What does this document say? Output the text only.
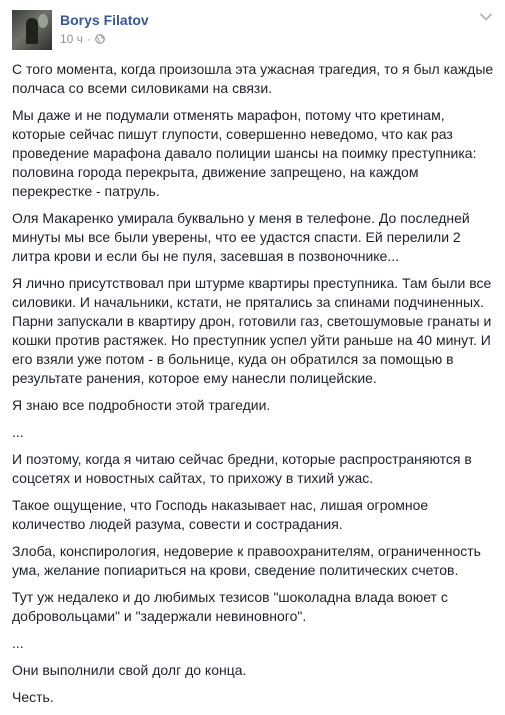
Borys Filatov
10 ч ·

С того момента, когда произошла эта ужасная трагедия, то я был каждые полчаса со всеми силовиками на связи.

Мы даже и не подумали отменять марафон, потому что кретинам, которые сейчас пишут глупости, совершенно неведомо, что как раз проведение марафона давало полиции шансы на поимку преступника: половина города перекрыта, движение запрещено, на каждом перекрестке - патруль.

Оля Макаренко умирала буквально у меня в телефоне. До последней минуты мы все были уверены, что ее удастся спасти. Ей перелили 2 литра крови и если бы не пуля, засевшая в позвоночнике...

Я лично присутствовал при штурме квартиры преступника. Там были все силовики. И начальники, кстати, не прятались за спинами подчиненных. Парни запускали в квартиру дрон, готовили газ, светошумовые гранаты и кошки против растяжек. Но преступник успел уйти раньше на 40 минут. И его взяли уже потом - в больнице, куда он обратился за помощью в результате ранения, которое ему нанесли полицейские.

Я знаю все подробности этой трагедии.

...

И поэтому, когда я читаю сейчас бредни, которые распространяются в соцсетях и новостных сайтах, то прихожу в тихий ужас.

Такое ощущение, что Господь наказывает нас, лишая огромное количество людей разума, совести и сострадания.

Злоба, конспирология, недоверие к правоохранителям, ограниченность ума, желание попиариться на крови, сведение политических счетов.

Тут уж недалеко и до любимых тезисов "шоколадна влада воюет с добровольцами" и "задержали невиновного".

...

Они выполнили свой долг до конца.

Честь.
